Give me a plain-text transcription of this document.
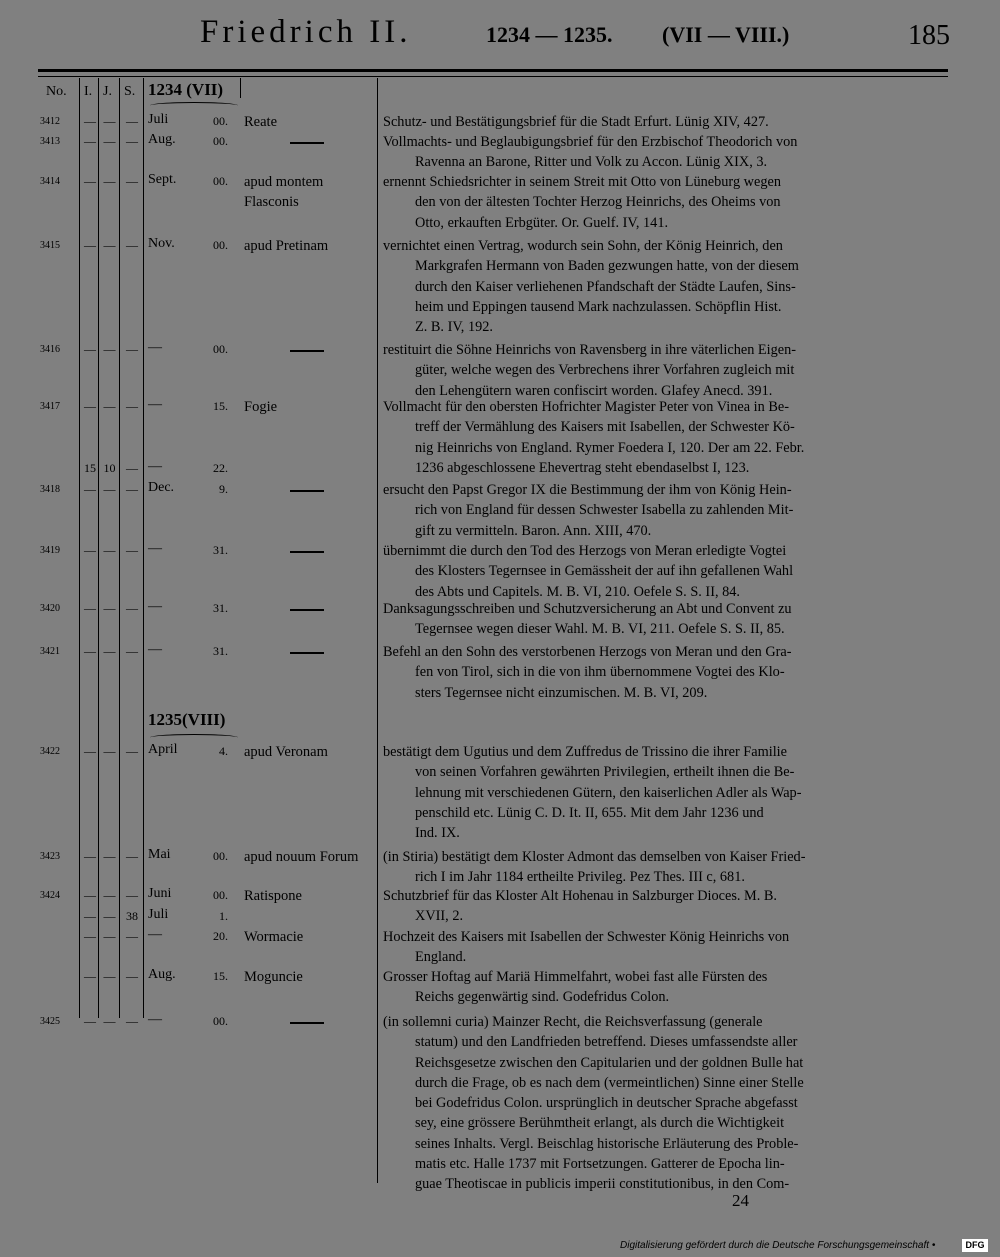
Friedrich II.	1234 — 1235. (VII — VIII.)	185
No. I. J. S. 1234 (VII)
1235(VIII)
3412	— — — Juli	00. Reate	Schutz- und Bestätigungsbrief für die Stadt Erfurt. Lünig XIV, 427.

3413	— — — Aug.	00.	Vollmachts- und Beglaubigungsbrief für den Erzbischof Theodorich von

Ravenna an Barone, Ritter und Volk zu Accon. Lünig XIX, 3.

3414	— — — Sept.	00. apud montem Flasconis

ernennt Schiedsrichter in seinem Streit mit Otto von Lüneburg wegen

den von der ältesten Tochter Herzog Heinrichs, des Oheims von

Otto, erkauften Erbgüter. Or. Guelf. IV, 141.

3415	— — — Nov.	00. apud Pretinam	vernichtet einen Vertrag, wodurch sein Sohn, der König Heinrich, den

Markgrafen Hermann von Baden gezwungen hatte, von der diesem

durch den Kaiser verliehenen Pfandschaft der Städte Laufen, Sins-

heim und Eppingen tausend Mark nachzulassen. Schöpflin Hist.

Z. B. IV, 192.

3416	— — — —	00.	restituirt die Söhne Heinrichs von Ravensberg in ihre väterlichen Eigen-

güter, welche wegen des Verbrechens ihrer Vorfahren zugleich mit

den Lehengütern waren confiscirt worden. Glafey Anecd. 391.

3417	— — — —	15. Fogie	Vollmacht für den obersten Hofrichter Magister Peter von Vinea in Be-

treff der Vermählung des Kaisers mit Isabellen, der Schwester Kö-

nig Heinrichs von England. Rymer Foedera I, 120. Der am 22. Febr.

1236 abgeschlossene Ehevertrag steht ebendaselbst I, 123.

15 10 — —	22.
3418	— — — Dec.	9.	ersucht den Papst Gregor IX die Bestimmung der ihm von König Hein-

rich von England für dessen Schwester Isabella zu zahlenden Mit-

gift zu vermitteln. Baron. Ann. XIII, 470.

3419	— — — —	31.	übernimmt die durch den Tod des Herzogs von Meran erledigte Vogtei

des Klosters Tegernsee in Gemässheit der auf ihn gefallenen Wahl

des Abts und Capitels. M. B. VI, 210. Oefele S. S. II, 84.

3420	— — — —	31.	Danksagungsschreiben und Schutzversicherung an Abt und Convent zu

Tegernsee wegen dieser Wahl. M. B. VI, 211. Oefele S. S. II, 85.

3421	— — — —	31.	Befehl an den Sohn des verstorbenen Herzogs von Meran und den Gra-

fen von Tirol, sich in die von ihm übernommene Vogtei des Klo-

sters Tegernsee nicht einzumischen. M. B. VI, 209.

3422	— — — April	4. apud Veronam	bestätigt dem Ugutius und dem Zuffredus de Trissino die ihrer Familie

von seinen Vorfahren gewährten Privilegien, ertheilt ihnen die Be-

lehnung mit verschiedenen Gütern, den kaiserlichen Adler als Wap-

penschild etc. Lünig C. D. It. II, 655. Mit dem Jahr 1236 und

Ind. IX.

3423	— — — Mai	00. apud nouum Forum	(in Stiria) bestätigt dem Kloster Admont das demselben von Kaiser Fried-

rich I im Jahr 1184 ertheilte Privileg. Pez Thes. III c, 681.

3424	— — — Juni	00. Ratispone	Schutzbrief für das Kloster Alt Hohenau in Salzburger Dioces. M. B.

XVII, 2.

— — 38 Juli	1.
— — — —	20. Wormacie	Hochzeit des Kaisers mit Isabellen der Schwester König Heinrichs von

England.

— — — Aug.	15. Moguncie	Grosser Hoftag auf Mariä Himmelfahrt, wobei fast alle Fürsten des

Reichs gegenwärtig sind. Godefridus Colon.

3425	— — — —	00.	(in sollemni curia) Mainzer Recht, die Reichsverfassung (generale

statum) und den Landfrieden betreffend. Dieses umfassendste aller

Reichsgesetze zwischen den Capitularien und der goldnen Bulle hat

durch die Frage, ob es nach dem (vermeintlichen) Sinne einer Stelle

bei Godefridus Colon. ursprünglich in deutscher Sprache abgefasst

sey, eine grössere Berühmtheit erlangt, als durch die Wichtigkeit

seines Inhalts. Vergl. Beischlag historische Erläuterung des Proble-

matis etc. Halle 1737 mit Fortsetzungen. Gatterer de Epocha lin-

guae Theotiscae in publicis imperii constitutionibus, in den Com-

24
Digitalisierung gefördert durch die Deutsche Forschungsgemeinschaft •	DFG
